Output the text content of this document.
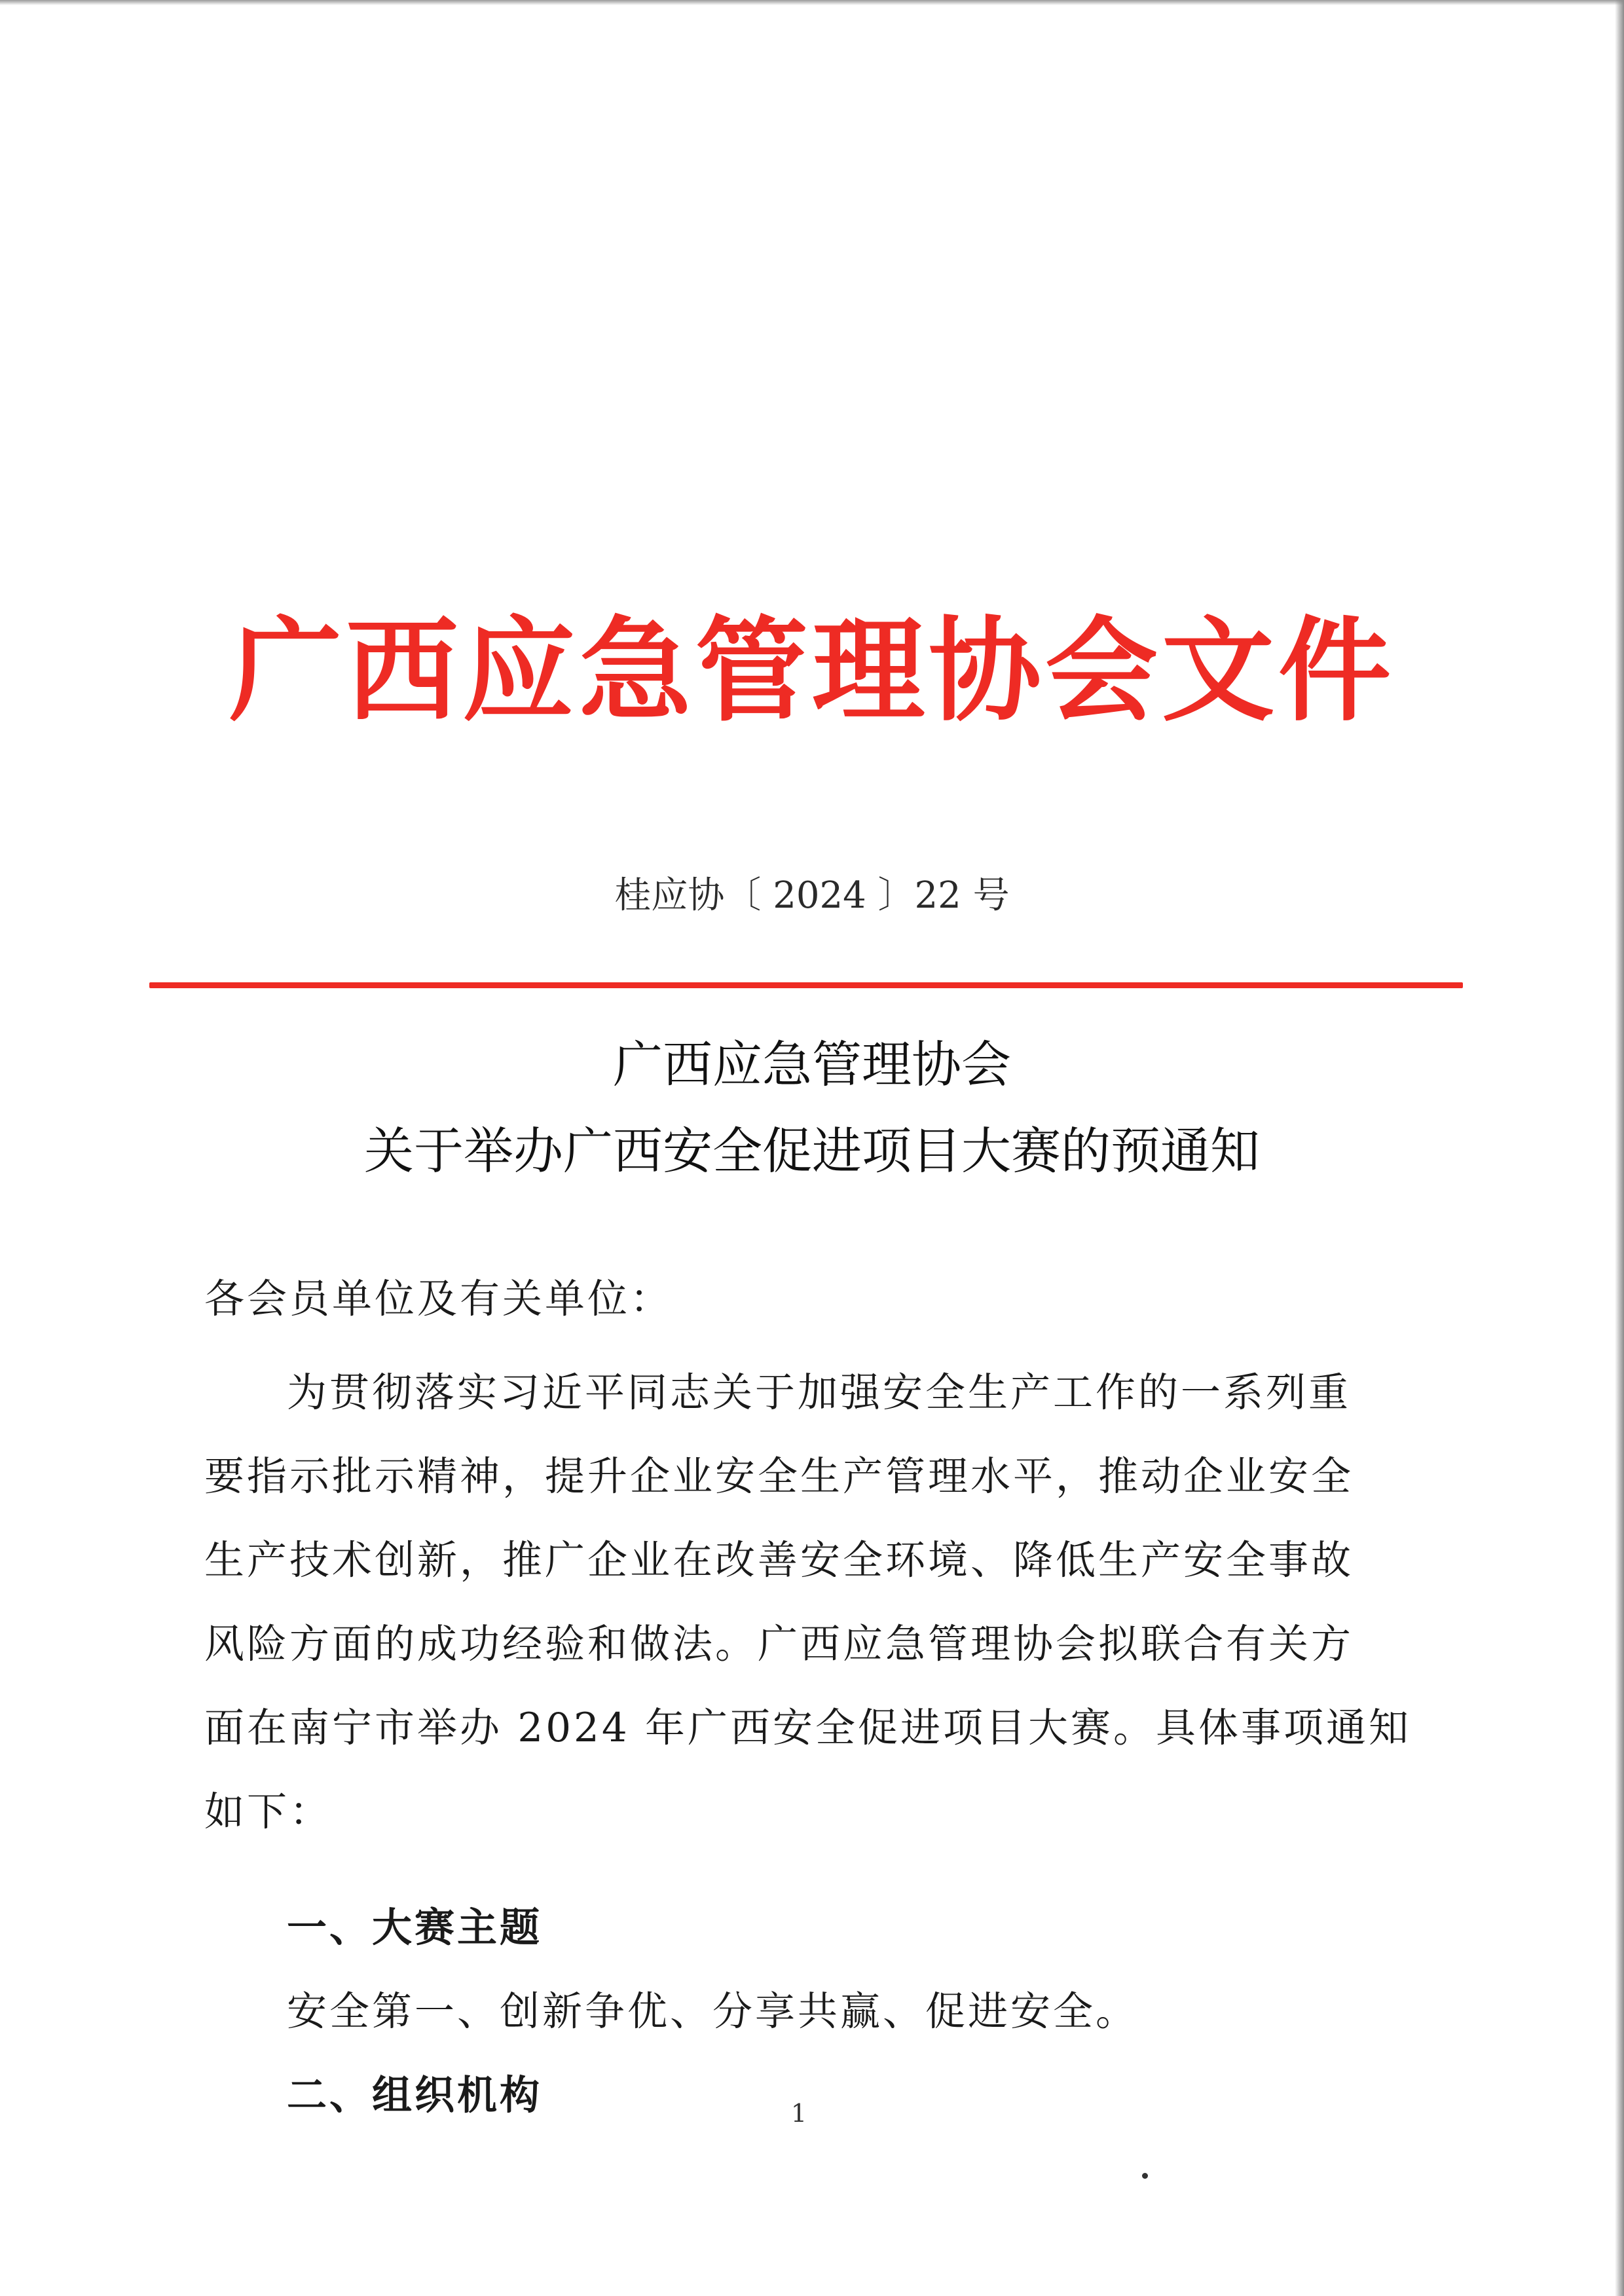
广西应急管理协会文件
桂应协〔 2024 〕22 号
广西应急管理协会
关于举办广西安全促进项目大赛的预通知
各会员单位及有关单位：
为贯彻落实习近平同志关于加强安全生产工作的一系列重
要指示批示精神，提升企业安全生产管理水平，推动企业安全
生产技术创新，推广企业在改善安全环境、降低生产安全事故
风险方面的成功经验和做法。广西应急管理协会拟联合有关方
面在南宁市举办 2024 年广西安全促进项目大赛。具体事项通知
如下：
一、大赛主题
安全第一、创新争优、分享共赢、促进安全。
二、组织机构	1
